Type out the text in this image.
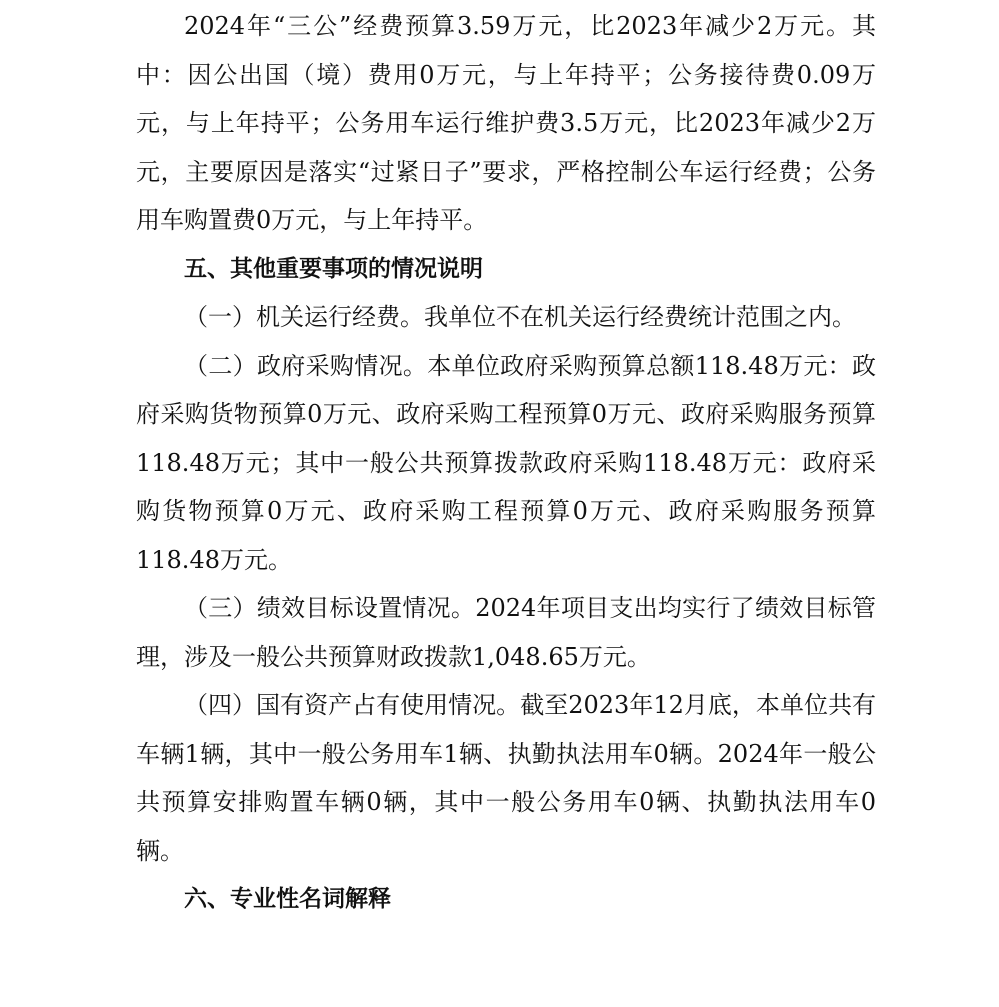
2024年“三公”经费预算3.59万元，比2023年减少2万元。其中：因公出国（境）费用0万元，与上年持平；公务接待费0.09万元，与上年持平；公务用车运行维护费3.5万元，比2023年减少2万元，主要原因是落实“过紧日子”要求，严格控制公车运行经费；公务用车购置费0万元，与上年持平。

五、其他重要事项的情况说明

（一）机关运行经费。我单位不在机关运行经费统计范围之内。

（二）政府采购情况。本单位政府采购预算总额118.48万元：政府采购货物预算0万元、政府采购工程预算0万元、政府采购服务预算118.48万元；其中一般公共预算拨款政府采购118.48万元：政府采购货物预算0万元、政府采购工程预算0万元、政府采购服务预算118.48万元。

（三）绩效目标设置情况。2024年项目支出均实行了绩效目标管理，涉及一般公共预算财政拨款1,048.65万元。

（四）国有资产占有使用情况。截至2023年12月底，本单位共有车辆1辆，其中一般公务用车1辆、执勤执法用车0辆。2024年一般公共预算安排购置车辆0辆，其中一般公务用车0辆、执勤执法用车0辆。

六、专业性名词解释
